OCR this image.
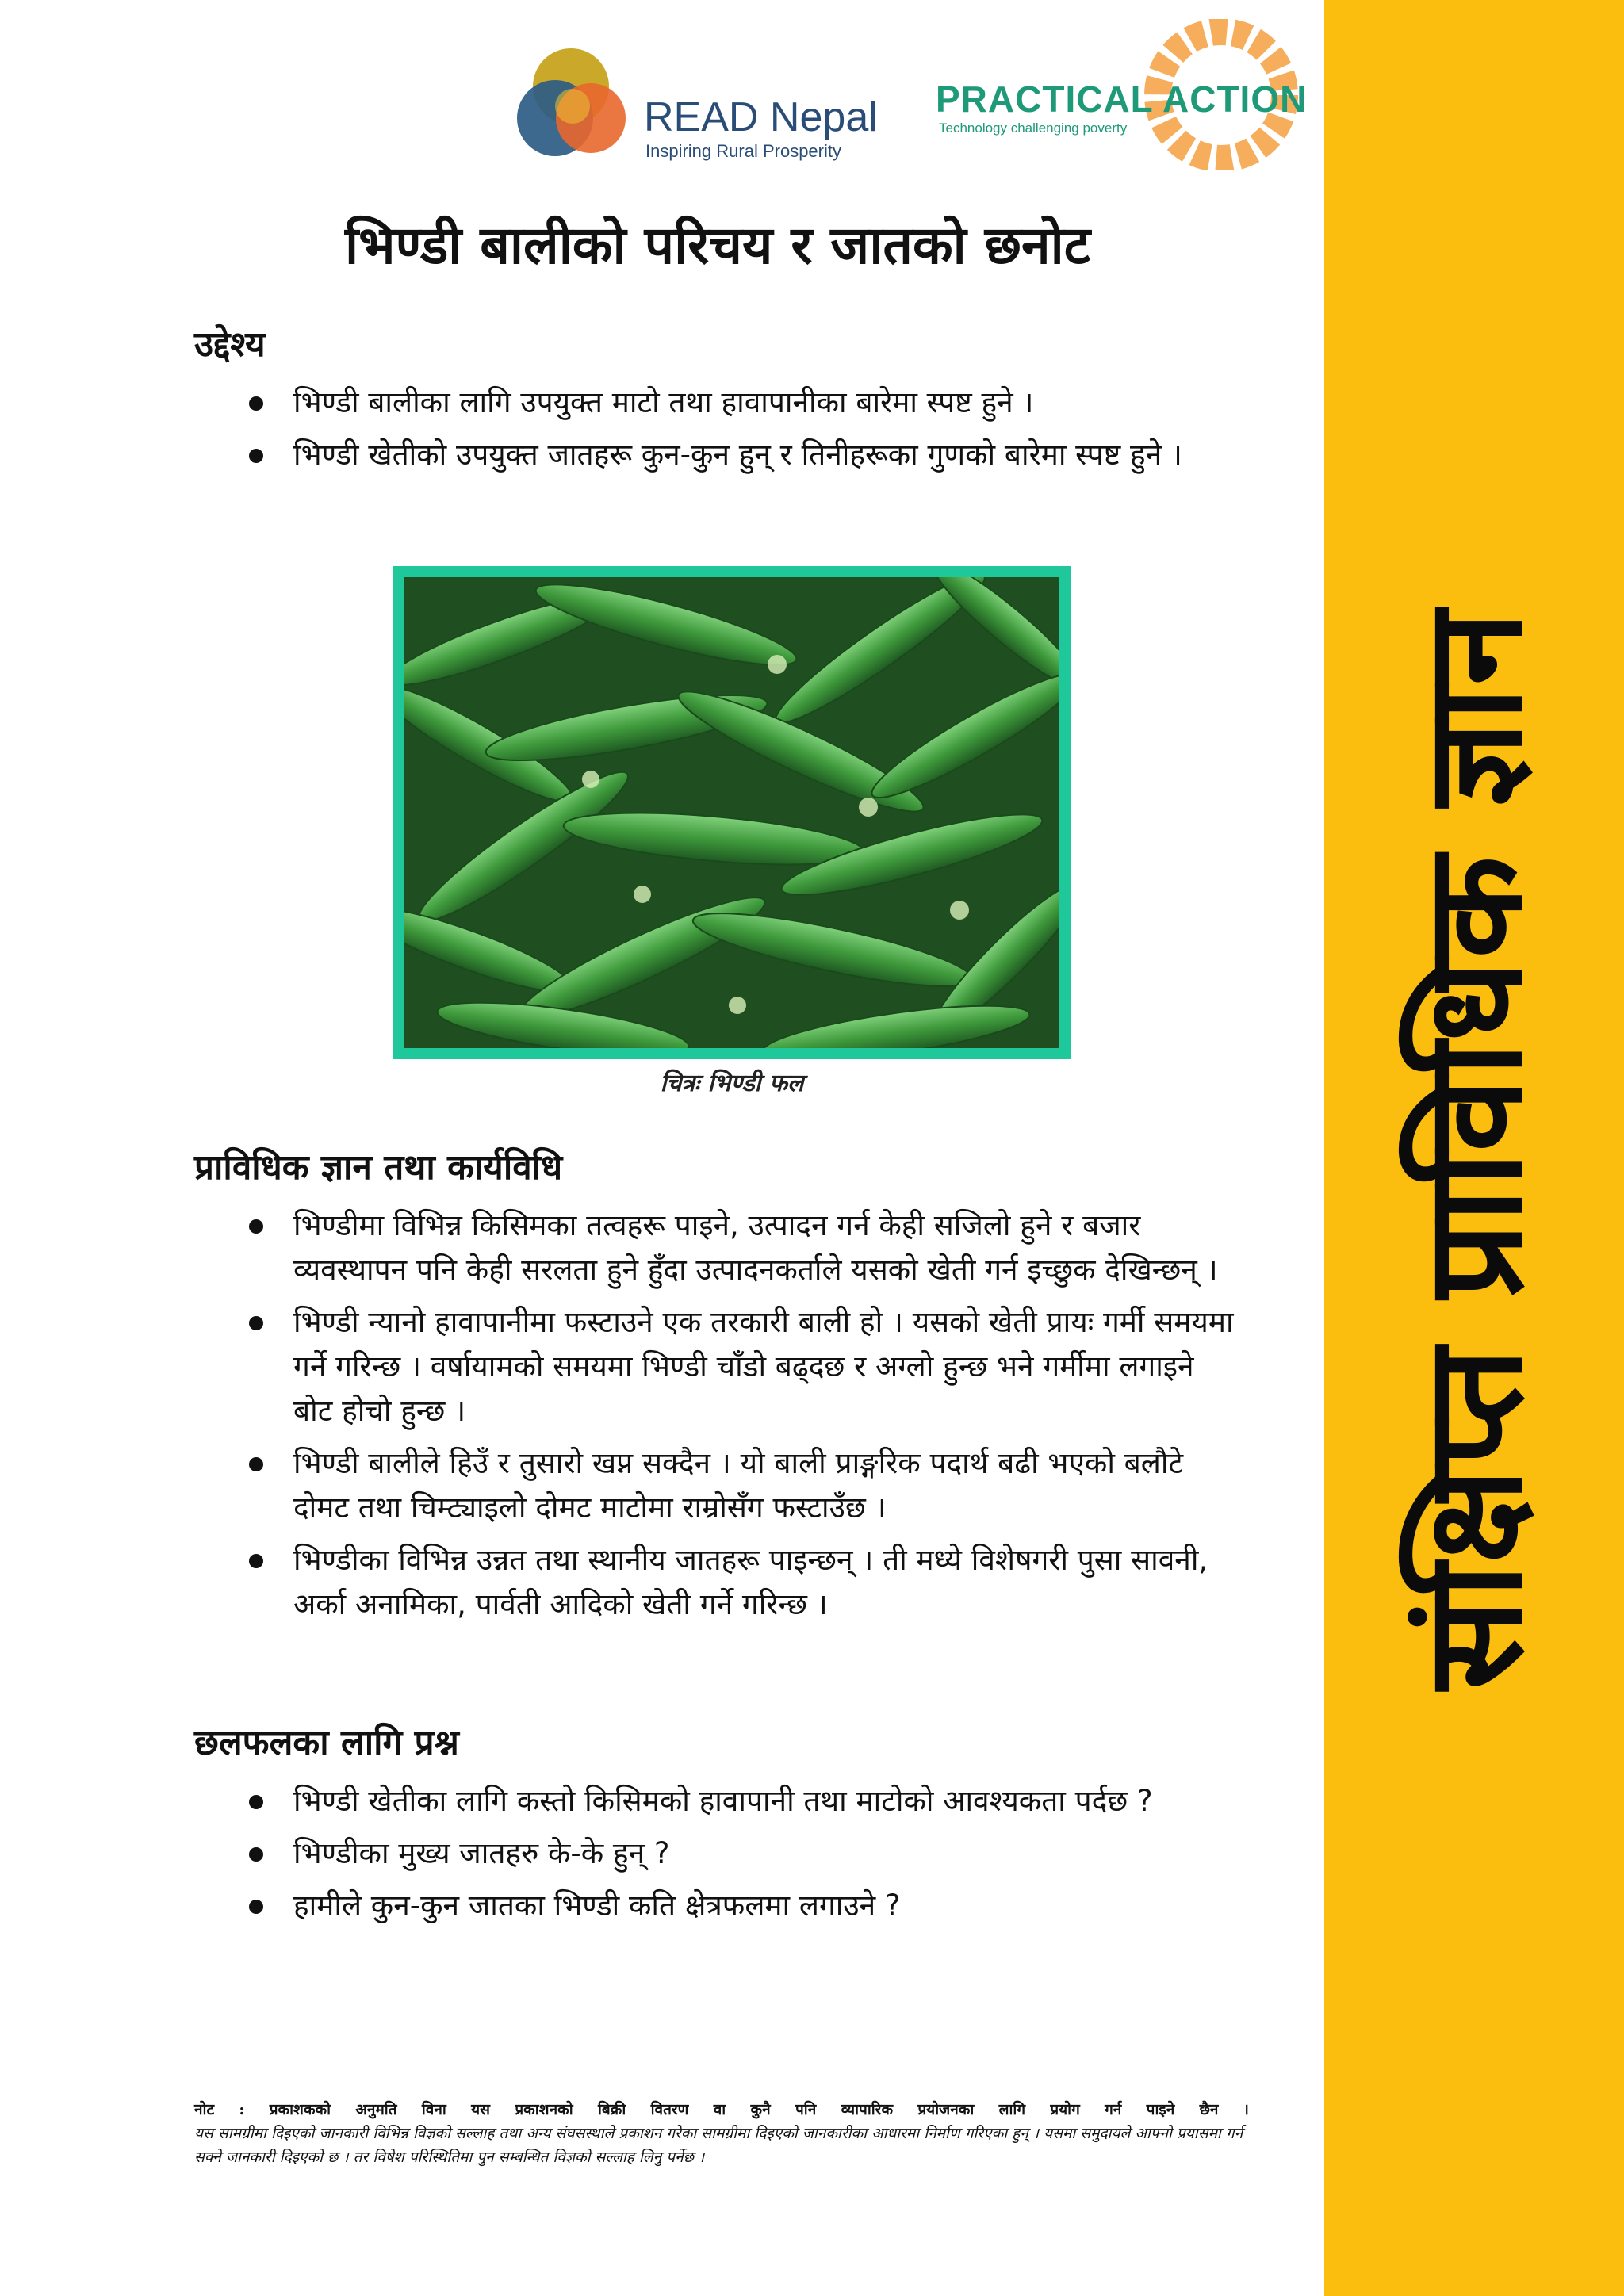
READ Nepal
Inspiring Rural Prosperity
PRACTICAL ACTION
Technology challenging poverty
भिण्डी बालीको परिचय र जातको छनोट
उद्देश्य
भिण्डी बालीका लागि उपयुक्त माटो तथा हावापानीका बारेमा स्पष्ट हुने ।
भिण्डी खेतीको उपयुक्त जातहरू कुन-कुन हुन् र तिनीहरूका गुणको बारेमा स्पष्ट हुने ।
चित्रः भिण्डी फल
प्राविधिक ज्ञान तथा कार्यविधि
भिण्डीमा विभिन्न किसिमका तत्वहरू पाइने, उत्पादन गर्न केही सजिलो हुने र बजार व्यवस्थापन पनि केही सरलता हुने हुँदा उत्पादनकर्ताले यसको खेती गर्न इच्छुक देखिन्छन् ।
भिण्डी न्यानो हावापानीमा फस्टाउने एक तरकारी बाली हो । यसको खेती प्रायः गर्मी समयमा गर्ने गरिन्छ । वर्षायामको समयमा भिण्डी चाँडो बढ्दछ र अग्लो हुन्छ भने गर्मीमा लगाइने बोट होचो हुन्छ ।
भिण्डी बालीले हिउँ र तुसारो खप्न सक्दैन । यो बाली प्राङ्गरिक पदार्थ बढी भएको बलौटे दोमट तथा चिम्ट्याइलो दोमट माटोमा राम्रोसँग फस्टाउँछ ।
भिण्डीका विभिन्न उन्नत तथा स्थानीय जातहरू पाइन्छन् । ती मध्ये विशेषगरी पुसा सावनी, अर्का अनामिका, पार्वती आदिको खेती गर्ने गरिन्छ ।
छलफलका लागि प्रश्न
भिण्डी खेतीका लागि कस्तो किसिमको हावापानी तथा माटोको आवश्यकता पर्दछ ?
भिण्डीका मुख्य जातहरु के-के हुन् ?
हामीले कुन-कुन जातका भिण्डी कति क्षेत्रफलमा लगाउने ?
नोट : प्रकाशकको अनुमति विना यस प्रकाशनको बिक्री वितरण वा कुनै पनि व्यापारिक प्रयोजनका लागि प्रयोग गर्न पाइने छैन ।
यस सामग्रीमा दिइएको जानकारी विभिन्न विज्ञको सल्लाह तथा अन्य संघसस्थाले प्रकाशन गरेका सामग्रीमा दिइएको जानकारीका आधारमा निर्माण गरिएका हुन् । यसमा समुदायले आफ्नो प्रयासमा गर्न सक्ने जानकारी दिइएको छ । तर विषेश परिस्थितिमा पुन सम्बन्धित विज्ञको सल्लाह लिनु पर्नेछ ।
संक्षिप्त प्राविधिक ज्ञान
